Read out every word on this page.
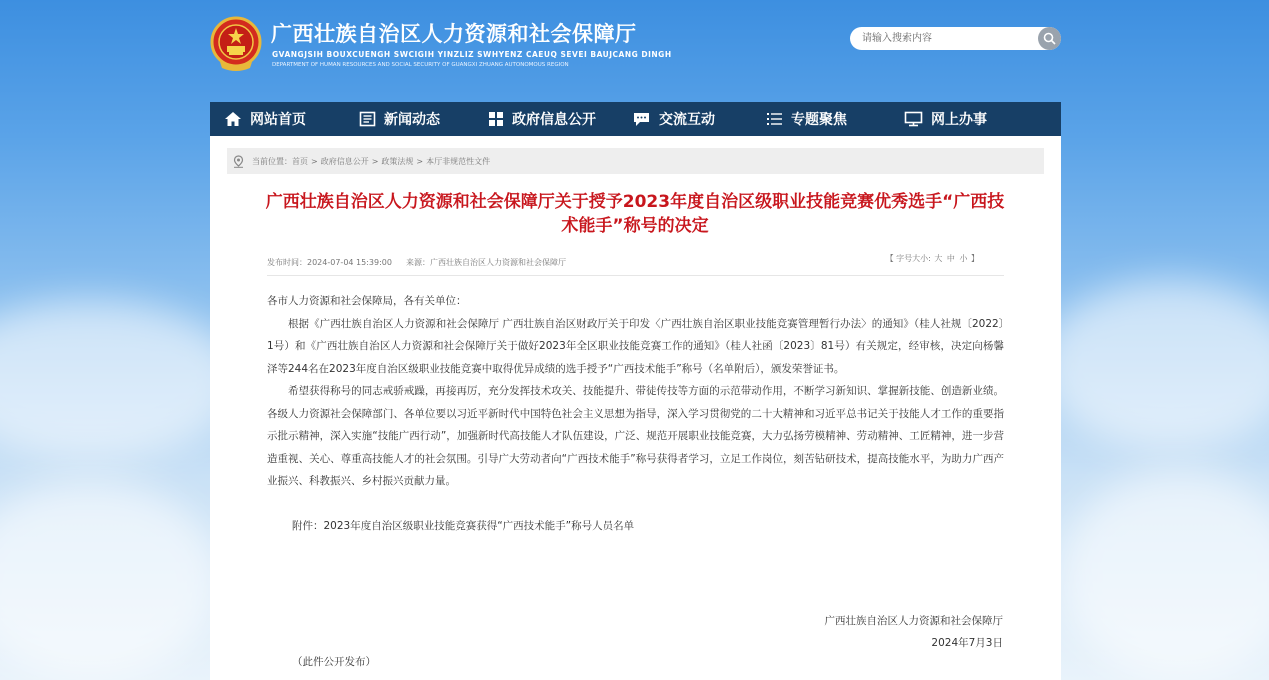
广西壮族自治区人力资源和社会保障厅
GVANGJSIH BOUXCUENGH SWCIGIH YINZLIZ SWHYENZ CAEUQ SEVEI BAUJCANG DINGH
DEPARTMENT OF HUMAN RESOURCES AND SOCIAL SECURITY OF GUANGXI ZHUANG AUTONOMOUS REGION
请输入搜索内容
网站首页	新闻动态	政府信息公开	交流互动	专题聚焦	网上办事
当前位置： 首页 > 政府信息公开 > 政策法规 > 本厅非规范性文件
广西壮族自治区人力资源和社会保障厅关于授予2023年度自治区级职业技能竞赛优秀选手“广西技术能手”称号的决定
发布时间：2024-07-04 15:39:00 来源：广西壮族自治区人力资源和社会保障厅	【 字号大小: 大 中 小 】

各市人力资源和社会保障局，各有关单位：

根据《广西壮族自治区人力资源和社会保障厅 广西壮族自治区财政厅关于印发〈广西壮族自治区职业技能竞赛管理暂行办法〉的通知》（桂人社规〔2022〕1号）和《广西壮族自治区人力资源和社会保障厅关于做好2023年全区职业技能竞赛工作的通知》（桂人社函〔2023〕81号）有关规定，经审核，决定向杨馨泽等244名在2023年度自治区级职业技能竞赛中取得优异成绩的选手授予“广西技术能手”称号（名单附后），颁发荣誉证书。

希望获得称号的同志戒骄戒躁，再接再厉，充分发挥技术攻关、技能提升、带徒传技等方面的示范带动作用，不断学习新知识、掌握新技能、创造新业绩。各级人力资源社会保障部门、各单位要以习近平新时代中国特色社会主义思想为指导，深入学习贯彻党的二十大精神和习近平总书记关于技能人才工作的重要指示批示精神，深入实施“技能广西行动”，加强新时代高技能人才队伍建设，广泛、规范开展职业技能竞赛，大力弘扬劳模精神、劳动精神、工匠精神，进一步营造重视、关心、尊重高技能人才的社会氛围。引导广大劳动者向“广西技术能手”称号获得者学习，立足工作岗位，刻苦钻研技术，提高技能水平，为助力广西产业振兴、科教振兴、乡村振兴贡献力量。

附件：2023年度自治区级职业技能竞赛获得“广西技术能手”称号人员名单
广西壮族自治区人力资源和社会保障厅
2024年7月3日
（此件公开发布）
